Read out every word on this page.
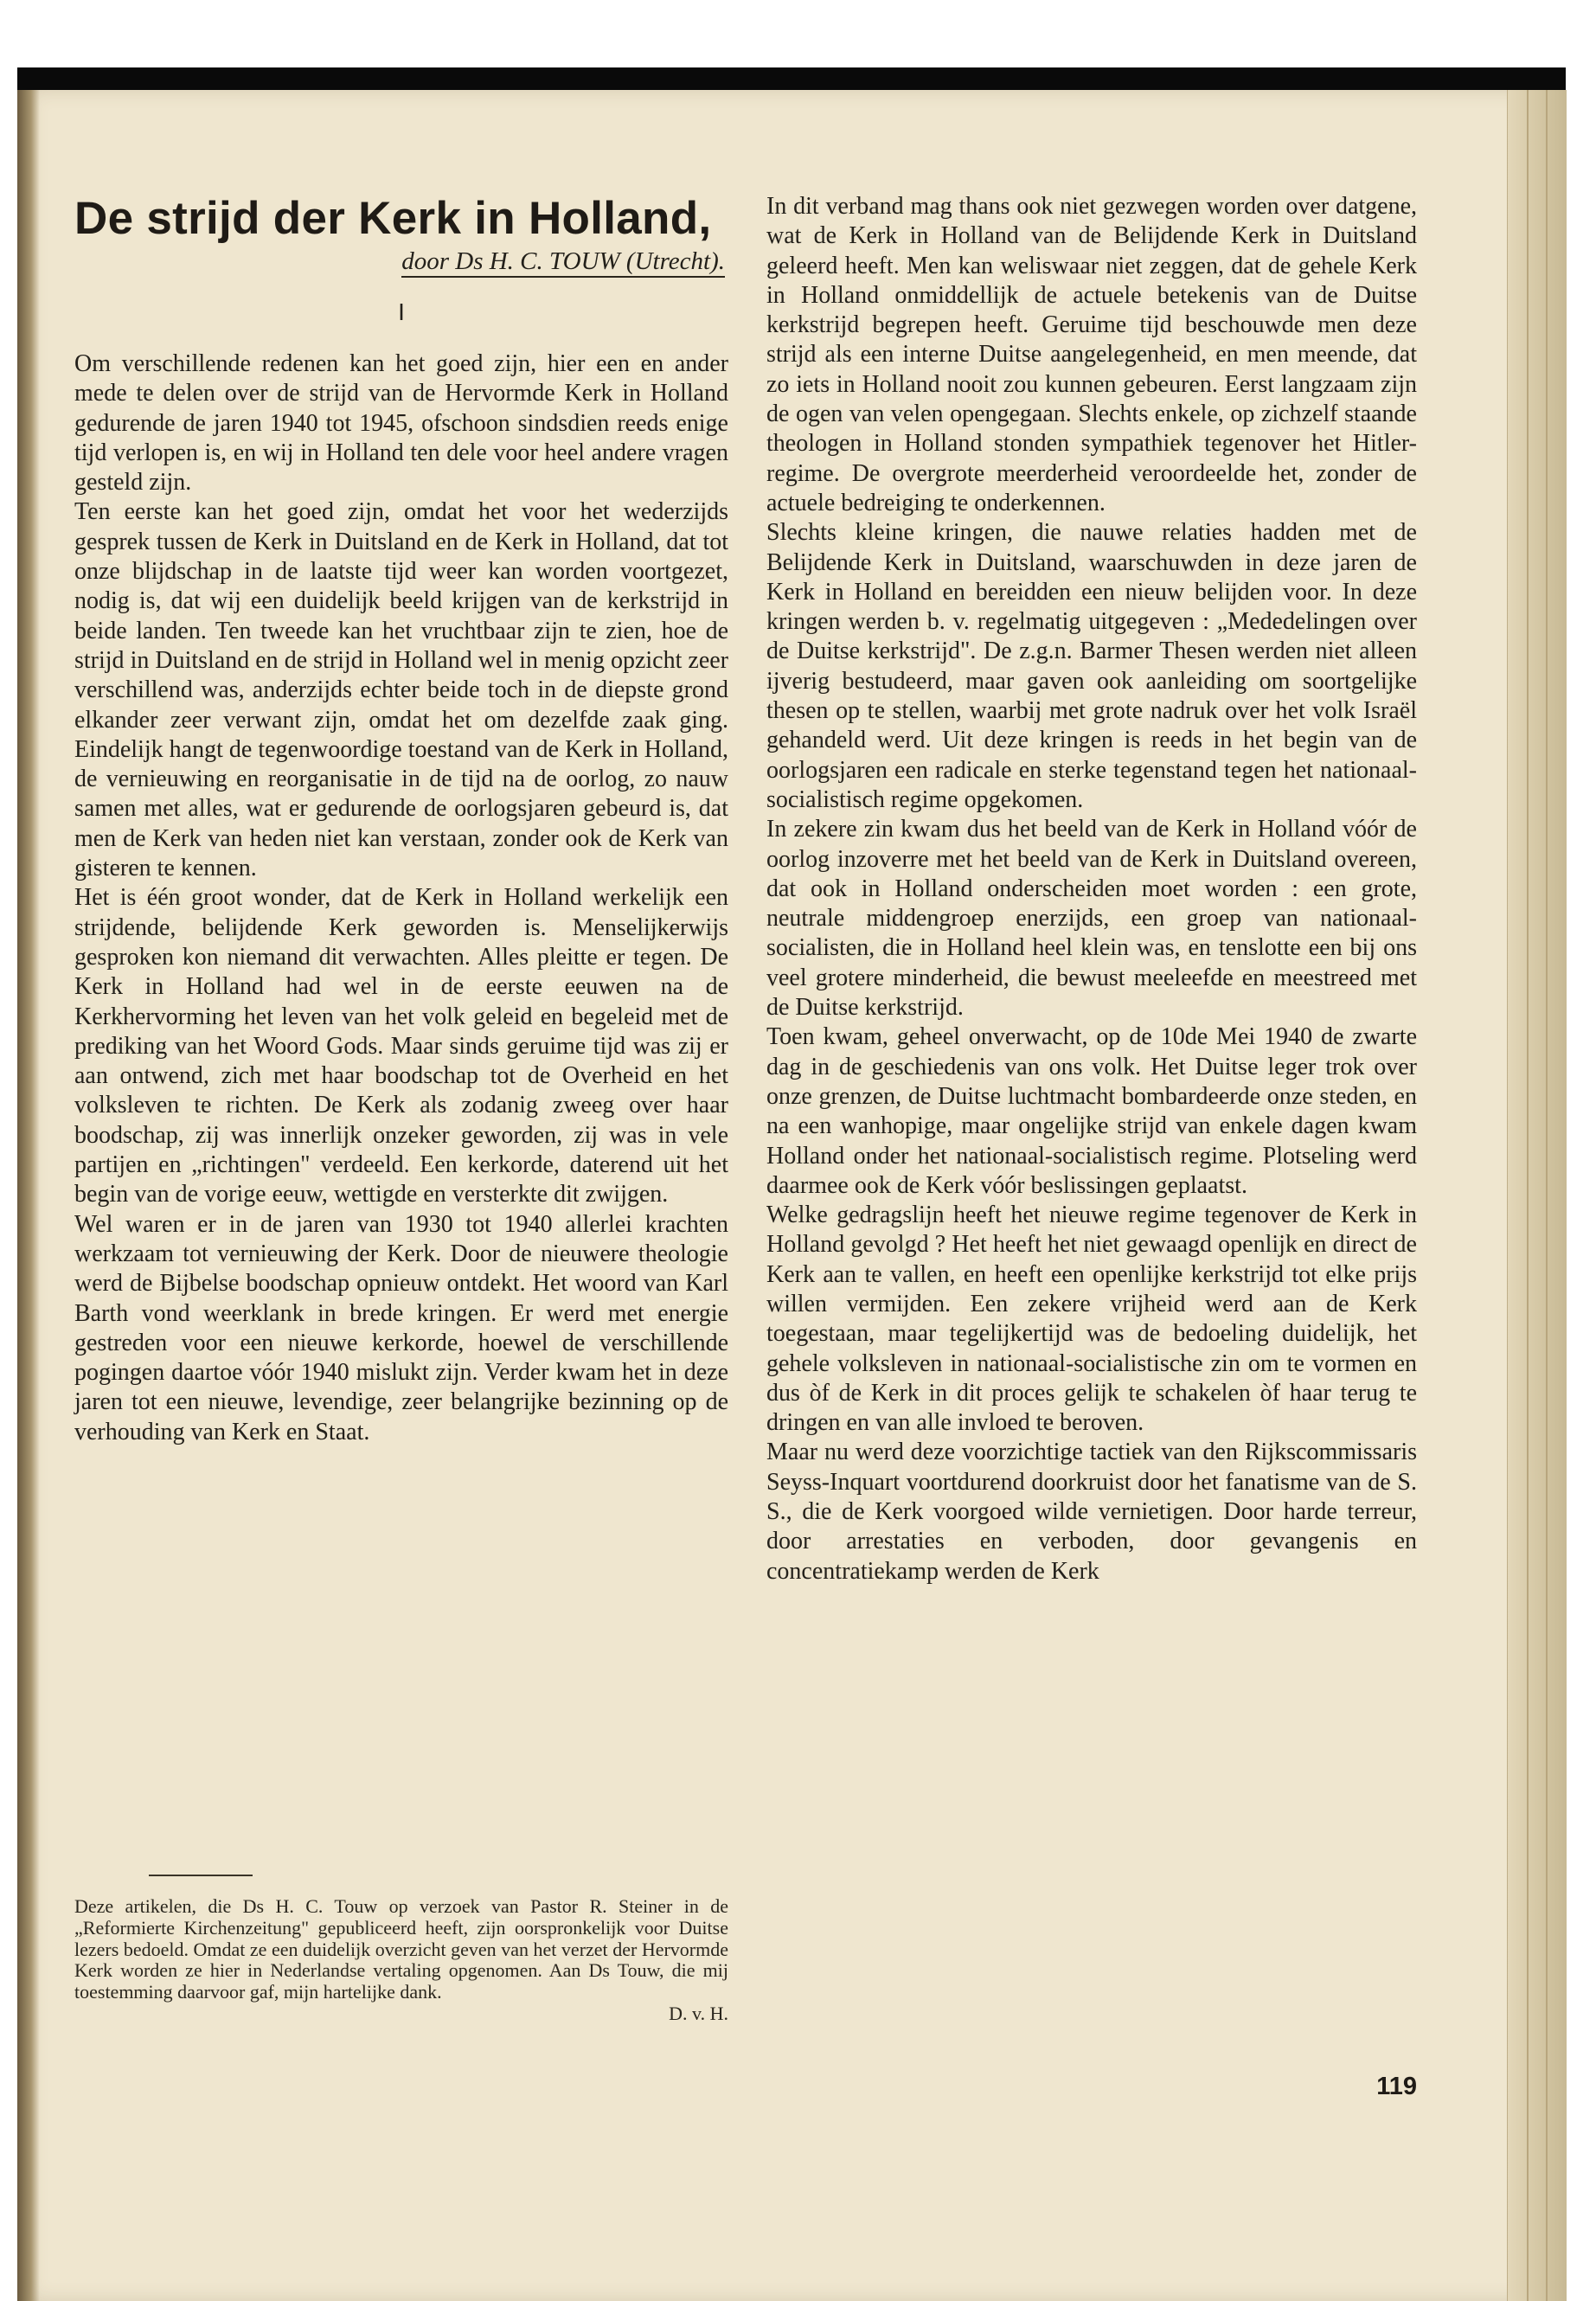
De strijd der Kerk in Holland,
door Ds H. C. TOUW (Utrecht).
I

Om verschillende redenen kan het goed zijn, hier een en ander mede te delen over de strijd van de Hervormde Kerk in Holland gedurende de jaren 1940 tot 1945, ofschoon sindsdien reeds enige tijd verlopen is, en wij in Holland ten dele voor heel andere vragen gesteld zijn.

Ten eerste kan het goed zijn, omdat het voor het wederzijds gesprek tussen de Kerk in Duitsland en de Kerk in Holland, dat tot onze blijdschap in de laatste tijd weer kan worden voortgezet, nodig is, dat wij een duidelijk beeld krijgen van de kerkstrijd in beide landen. Ten tweede kan het vruchtbaar zijn te zien, hoe de strijd in Duitsland en de strijd in Holland wel in menig opzicht zeer verschillend was, anderzijds echter beide toch in de diepste grond elkander zeer verwant zijn, omdat het om dezelfde zaak ging. Eindelijk hangt de tegenwoordige toestand van de Kerk in Holland, de vernieuwing en reorganisatie in de tijd na de oorlog, zo nauw samen met alles, wat er gedurende de oorlogsjaren gebeurd is, dat men de Kerk van heden niet kan verstaan, zonder ook de Kerk van gisteren te kennen.

Het is één groot wonder, dat de Kerk in Holland werkelijk een strijdende, belijdende Kerk geworden is. Menselijkerwijs gesproken kon niemand dit verwachten. Alles pleitte er tegen. De Kerk in Holland had wel in de eerste eeuwen na de Kerkhervorming het leven van het volk geleid en begeleid met de prediking van het Woord Gods. Maar sinds geruime tijd was zij er aan ontwend, zich met haar boodschap tot de Overheid en het volksleven te richten. De Kerk als zodanig zweeg over haar boodschap, zij was innerlijk onzeker geworden, zij was in vele partijen en „richtingen" verdeeld. Een kerkorde, daterend uit het begin van de vorige eeuw, wettigde en versterkte dit zwijgen.

Wel waren er in de jaren van 1930 tot 1940 allerlei krachten werkzaam tot vernieuwing der Kerk. Door de nieuwere theologie werd de Bijbelse boodschap opnieuw ontdekt. Het woord van Karl Barth vond weerklank in brede kringen. Er werd met energie gestreden voor een nieuwe kerkorde, hoewel de verschillende pogingen daartoe vóór 1940 mislukt zijn. Verder kwam het in deze jaren tot een nieuwe, levendige, zeer belangrijke bezinning op de verhouding van Kerk en Staat.

Deze artikelen, die Ds H. C. Touw op verzoek van Pastor R. Steiner in de „Reformierte Kirchenzeitung" gepubliceerd heeft, zijn oorspronkelijk voor Duitse lezers bedoeld. Omdat ze een duidelijk overzicht geven van het verzet der Hervormde Kerk worden ze hier in Nederlandse vertaling opgenomen. Aan Ds Touw, die mij toestemming daarvoor gaf, mijn hartelijke dank.
D. v. H.

In dit verband mag thans ook niet gezwegen worden over datgene, wat de Kerk in Holland van de Belijdende Kerk in Duitsland geleerd heeft. Men kan weliswaar niet zeggen, dat de gehele Kerk in Holland onmiddellijk de actuele betekenis van de Duitse kerkstrijd begrepen heeft. Geruime tijd beschouwde men deze strijd als een interne Duitse aangelegenheid, en men meende, dat zo iets in Holland nooit zou kunnen gebeuren. Eerst langzaam zijn de ogen van velen opengegaan. Slechts enkele, op zichzelf staande theologen in Holland stonden sympathiek tegenover het Hitler-regime. De overgrote meerderheid veroordeelde het, zonder de actuele bedreiging te onderkennen.

Slechts kleine kringen, die nauwe relaties hadden met de Belijdende Kerk in Duitsland, waarschuwden in deze jaren de Kerk in Holland en bereidden een nieuw belijden voor. In deze kringen werden b. v. regelmatig uitgegeven : „Mededelingen over de Duitse kerkstrijd". De z.g.n. Barmer Thesen werden niet alleen ijverig bestudeerd, maar gaven ook aanleiding om soortgelijke thesen op te stellen, waarbij met grote nadruk over het volk Israël gehandeld werd. Uit deze kringen is reeds in het begin van de oorlogsjaren een radicale en sterke tegenstand tegen het nationaal-socialistisch regime opgekomen.

In zekere zin kwam dus het beeld van de Kerk in Holland vóór de oorlog inzoverre met het beeld van de Kerk in Duitsland overeen, dat ook in Holland onderscheiden moet worden : een grote, neutrale middengroep enerzijds, een groep van nationaal-socialisten, die in Holland heel klein was, en tenslotte een bij ons veel grotere minderheid, die bewust meeleefde en meestreed met de Duitse kerkstrijd.

Toen kwam, geheel onverwacht, op de 10de Mei 1940 de zwarte dag in de geschiedenis van ons volk. Het Duitse leger trok over onze grenzen, de Duitse luchtmacht bombardeerde onze steden, en na een wanhopige, maar ongelijke strijd van enkele dagen kwam Holland onder het nationaal-socialistisch regime. Plotseling werd daarmee ook de Kerk vóór beslissingen geplaatst.

Welke gedragslijn heeft het nieuwe regime tegenover de Kerk in Holland gevolgd ? Het heeft het niet gewaagd openlijk en direct de Kerk aan te vallen, en heeft een openlijke kerkstrijd tot elke prijs willen vermijden. Een zekere vrijheid werd aan de Kerk toegestaan, maar tegelijkertijd was de bedoeling duidelijk, het gehele volksleven in nationaal-socialistische zin om te vormen en dus òf de Kerk in dit proces gelijk te schakelen òf haar terug te dringen en van alle invloed te beroven.

Maar nu werd deze voorzichtige tactiek van den Rijkscommissaris Seyss-Inquart voortdurend doorkruist door het fanatisme van de S. S., die de Kerk voorgoed wilde vernietigen. Door harde terreur, door arrestaties en verboden, door gevangenis en concentratiekamp werden de Kerk

119
